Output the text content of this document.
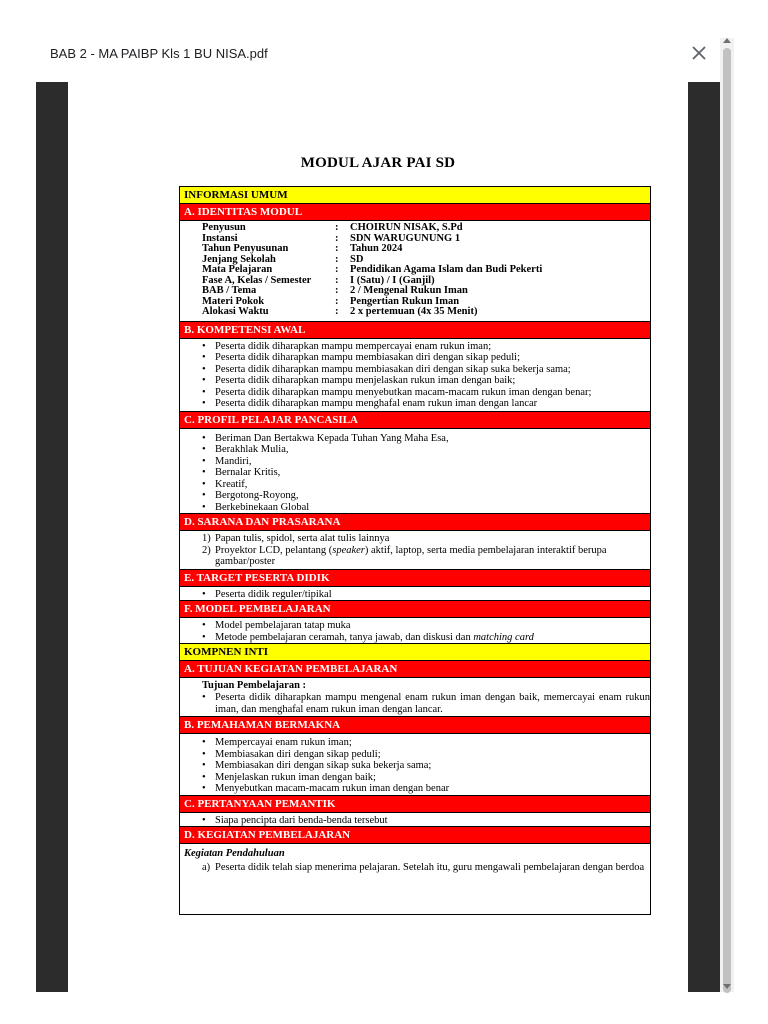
BAB 2 - MA PAIBP Kls 1 BU NISA.pdf
MODUL AJAR PAI SD
INFORMASI UMUM
A. IDENTITAS MODUL
Penyusun	:	CHOIRUN NISAK, S.Pd
Instansi	:	SDN WARUGUNUNG 1
Tahun Penyusunan	:	Tahun 2024
Jenjang Sekolah	:	SD
Mata Pelajaran	:	Pendidikan Agama Islam dan Budi Pekerti
Fase A, Kelas / Semester	:	I (Satu) / I (Ganjil)
BAB / Tema	:	2 / Mengenal Rukun Iman
Materi Pokok	:	Pengertian Rukun Iman
Alokasi Waktu	:	2 x pertemuan (4x 35 Menit)
B. KOMPETENSI AWAL
• Peserta didik diharapkan mampu mempercayai enam rukun iman;
• Peserta didik diharapkan mampu membiasakan diri dengan sikap peduli;
• Peserta didik diharapkan mampu membiasakan diri dengan sikap suka bekerja sama;
• Peserta didik diharapkan mampu menjelaskan rukun iman dengan baik;
• Peserta didik diharapkan mampu menyebutkan macam-macam rukun iman dengan benar;
• Peserta didik diharapkan mampu menghafal enam rukun iman dengan lancar
C. PROFIL PELAJAR PANCASILA
• Beriman Dan Bertakwa Kepada Tuhan Yang Maha Esa,
• Berakhlak Mulia,
• Mandiri,
• Bernalar Kritis,
• Kreatif,
• Bergotong-Royong,
• Berkebinekaan Global
D. SARANA DAN PRASARANA
1) Papan tulis, spidol, serta alat tulis lainnya
2) Proyektor LCD, pelantang (speaker) aktif, laptop, serta media pembelajaran interaktif berupa gambar/poster
E. TARGET PESERTA DIDIK
• Peserta didik reguler/tipikal
F. MODEL PEMBELAJARAN
• Model pembelajaran tatap muka
• Metode pembelajaran ceramah, tanya jawab, dan diskusi dan matching card
KOMPNEN INTI
A. TUJUAN KEGIATAN PEMBELAJARAN
Tujuan Pembelajaran :
• Peserta didik diharapkan mampu mengenal enam rukun iman dengan baik, memercayai enam rukun iman, dan menghafal enam rukun iman dengan lancar.
B. PEMAHAMAN BERMAKNA
• Mempercayai enam rukun iman;
• Membiasakan diri dengan sikap peduli;
• Membiasakan diri dengan sikap suka bekerja sama;
• Menjelaskan rukun iman dengan baik;
• Menyebutkan macam-macam rukun iman dengan benar
C. PERTANYAAN PEMANTIK
• Siapa pencipta dari benda-benda tersebut
D. KEGIATAN PEMBELAJARAN
Kegiatan Pendahuluan
a) Peserta didik telah siap menerima pelajaran. Setelah itu, guru mengawali pembelajaran dengan berdoa
